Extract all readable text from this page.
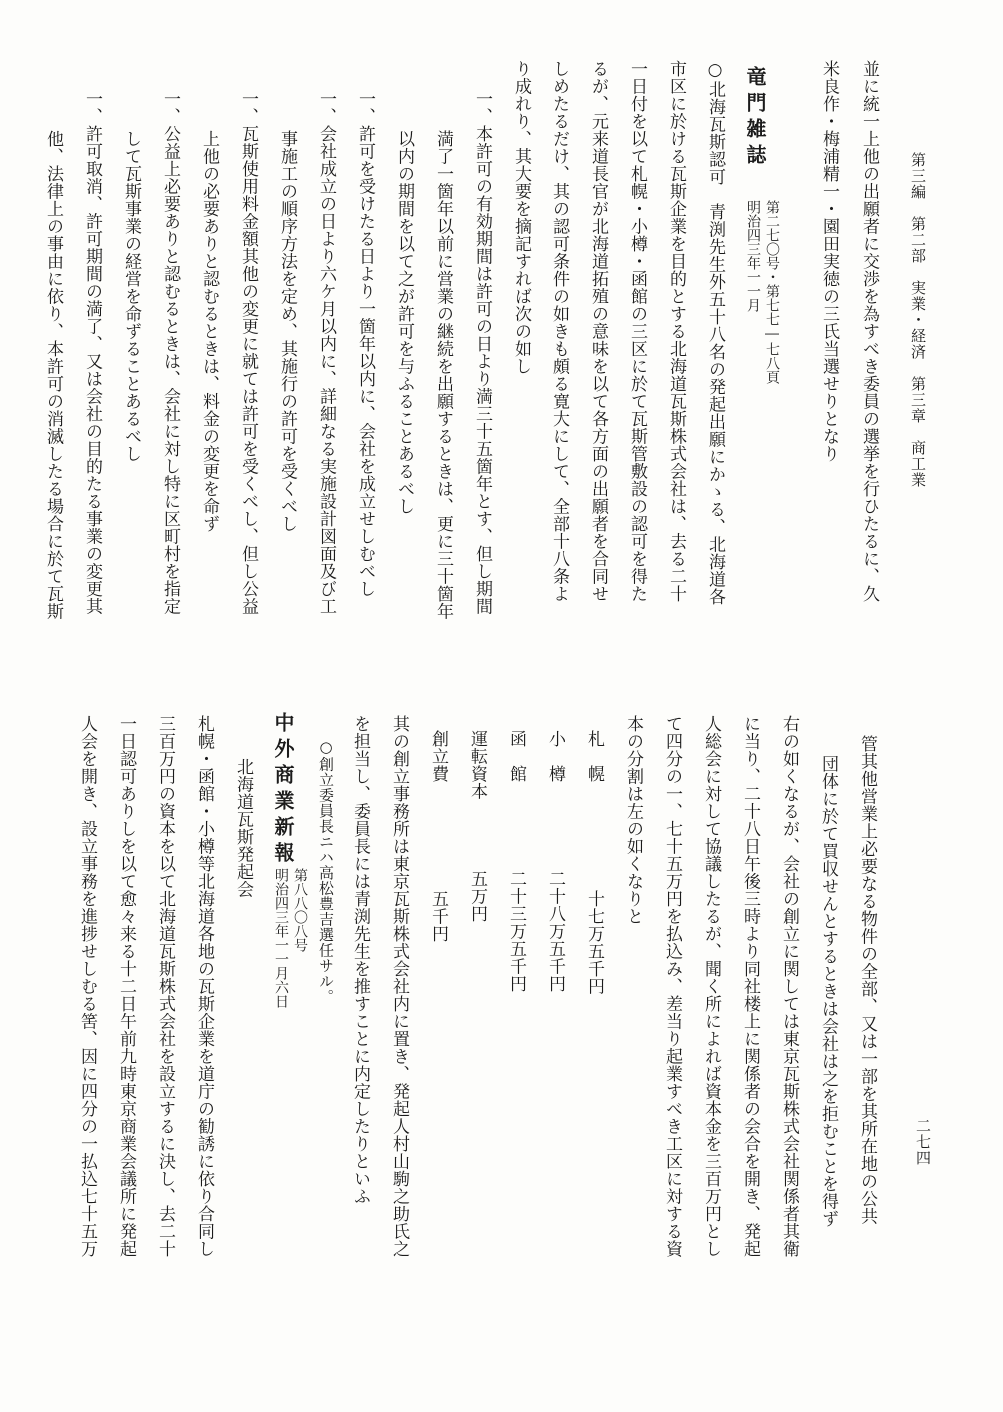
第三編　第二部　実業・経済　第三章　商工業
二七四
並に統一上他の出願者に交渉を為すべき委員の選挙を行ひたるに、久
米良作・梅浦精一・園田実徳の三氏当選せりとなり
竜門雑誌
第二七〇号・第七七―七八頁
明治四三年一一月
○北海瓦斯認可　青渕先生外五十八名の発起出願にかゝる、北海道各
市区に於ける瓦斯企業を目的とする北海道瓦斯株式会社は、去る二十
一日付を以て札幌・小樽・函館の三区に於て瓦斯管敷設の認可を得た
るが、元来道長官が北海道拓殖の意味を以て各方面の出願者を合同せ
しめたるだけ、其の認可条件の如きも頗る寛大にして、全部十八条よ
り成れり、其大要を摘記すれば次の如し
一、本許可の有効期間は許可の日より満三十五箇年とす、但し期間
満了一箇年以前に営業の継続を出願するときは、更に三十箇年
以内の期間を以て之が許可を与ふることあるべし
一、許可を受けたる日より一箇年以内に、会社を成立せしむべし
一、会社成立の日より六ケ月以内に、詳細なる実施設計図面及び工
事施工の順序方法を定め、其施行の許可を受くべし
一、瓦斯使用料金額其他の変更に就ては許可を受くべし、但し公益
上他の必要ありと認むるときは、料金の変更を命ず
一、公益上必要ありと認むるときは、会社に対し特に区町村を指定
して瓦斯事業の経営を命ずることあるべし
一、許可取消、許可期間の満了、又は会社の目的たる事業の変更其
他、法律上の事由に依り、本許可の消滅したる場合に於て瓦斯
管其他営業上必要なる物件の全部、又は一部を其所在地の公共
団体に於て買収せんとするときは会社は之を拒むことを得ず
右の如くなるが、会社の創立に関しては東京瓦斯株式会社関係者其衛
に当り、二十八日午後三時より同社楼上に関係者の会合を開き、発起
人総会に対して協議したるが、聞く所によれば資本金を三百万円とし
て四分の一、七十五万円を払込み、差当り起業すべき工区に対する資
本の分割は左の如くなりと
札　幌
十七万五千円
小　樽
二十八万五千円
函　館
二十三万五千円
運転資本
五万円
創立費
五千円
其の創立事務所は東京瓦斯株式会社内に置き、発起人村山駒之助氏之
を担当し、委員長には青渕先生を推すことに内定したりといふ
○創立委員長ニハ高松豊吉選任サル。
中外商業新報
第八八〇八号
明治四三年一一月六日
北海道瓦斯発起会
札幌・函館・小樽等北海道各地の瓦斯企業を道庁の勧誘に依り合同し
三百万円の資本を以て北海道瓦斯株式会社を設立するに決し、去二十
一日認可ありしを以て愈々来る十二日午前九時東京商業会議所に発起
人会を開き、設立事務を進捗せしむる筈、因に四分の一払込七十五万
